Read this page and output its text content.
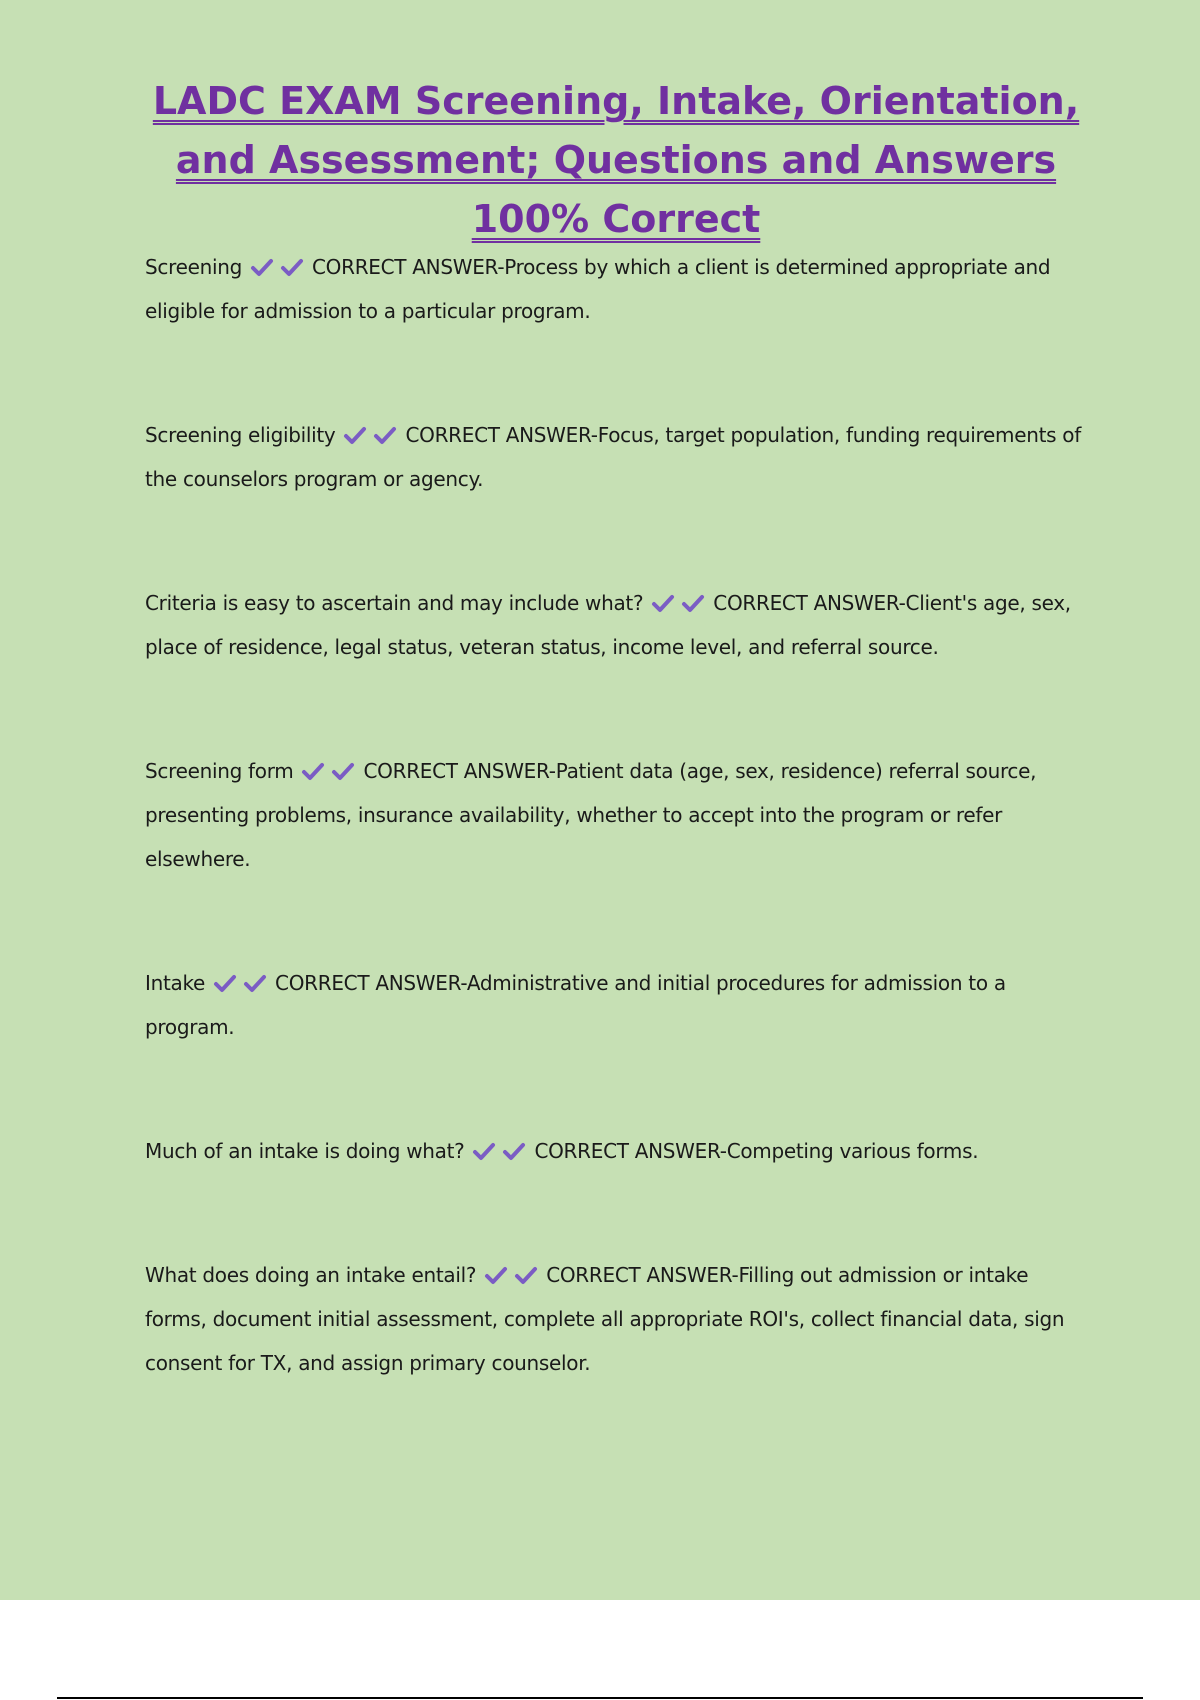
LADC EXAM Screening, Intake, Orientation, and Assessment; Questions and Answers 100% Correct

Screening	CORRECT ANSWER-Process by which a client is determined appropriate and eligible for admission to a particular program.

Screening eligibility	CORRECT ANSWER-Focus, target population, funding requirements of the counselors program or agency.

Criteria is easy to ascertain and may include what?	CORRECT ANSWER-Client's age, sex, place of residence, legal status, veteran status, income level, and referral source.

Screening form	CORRECT ANSWER-Patient data (age, sex, residence) referral source, presenting problems, insurance availability, whether to accept into the program or refer elsewhere.

Intake	CORRECT ANSWER-Administrative and initial procedures for admission to a program.

Much of an intake is doing what?	CORRECT ANSWER-Competing various forms.

What does doing an intake entail?	CORRECT ANSWER-Filling out admission or intake forms, document initial assessment, complete all appropriate ROI's, collect financial data, sign consent for TX, and assign primary counselor.
